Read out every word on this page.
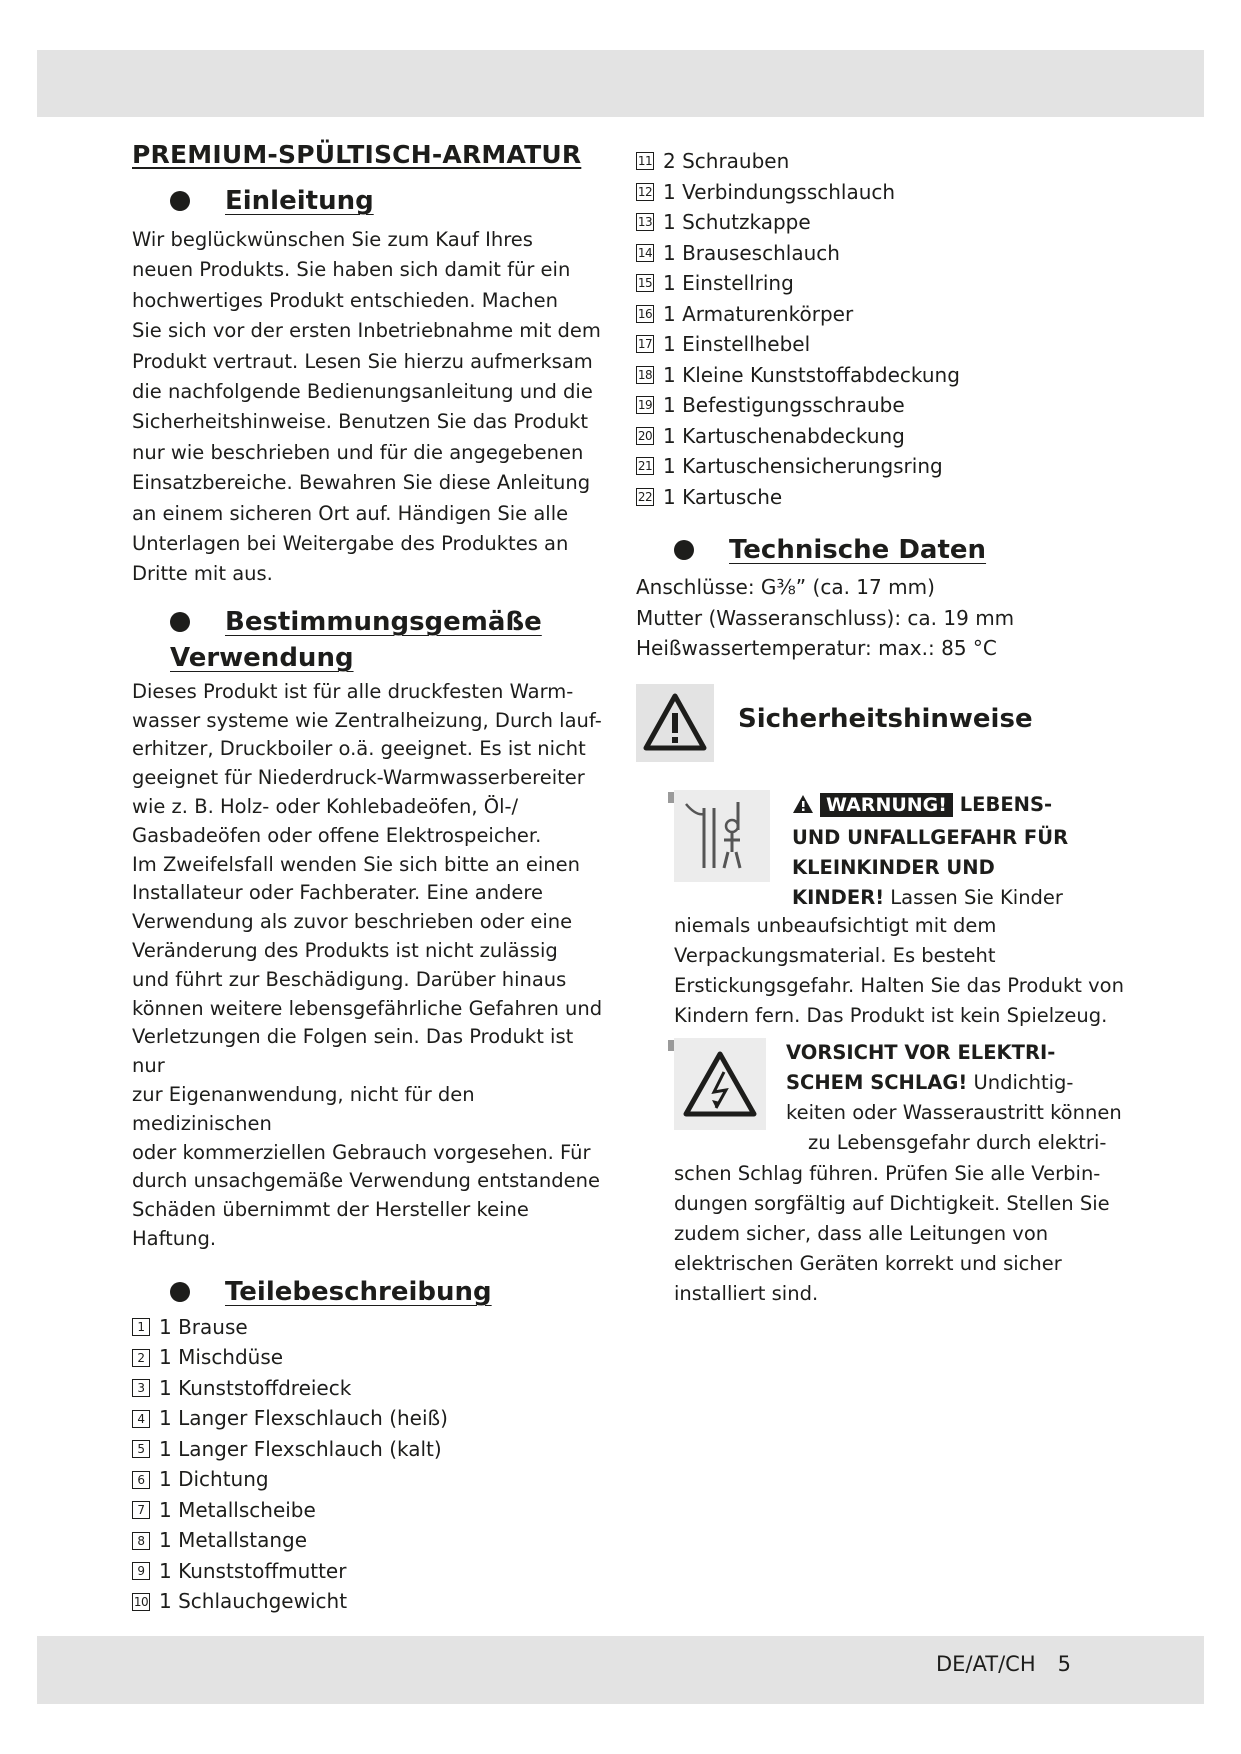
PREMIUM-SPÜLTISCH-ARMATUR
Einleitung

Wir beglückwünschen Sie zum Kauf Ihres

neuen Produkts. Sie haben sich damit für ein

hochwertiges Produkt entschieden. Machen

Sie sich vor der ersten Inbetriebnahme mit dem

Produkt vertraut. Lesen Sie hierzu aufmerksam

die nachfolgende Bedienungsanleitung und die

Sicherheitshinweise. Benutzen Sie das Produkt

nur wie beschrieben und für die angegebenen

Einsatzbereiche. Bewahren Sie diese Anleitung

an einem sicheren Ort auf. Händigen Sie alle

Unterlagen bei Weitergabe des Produktes an

Dritte mit aus.

Bestimmungsgemäße
Verwendung

Dieses Produkt ist für alle druckfesten Warm-

wasser systeme wie Zentralheizung, Durch lauf-

erhitzer, Druckboiler o.ä. geeignet. Es ist nicht

geeignet für Niederdruck-Warmwasserbereiter

wie z. B. Holz- oder Kohlebadeöfen, Öl-/

Gasbadeöfen oder offene Elektrospeicher.

Im Zweifelsfall wenden Sie sich bitte an einen

Installateur oder Fachberater. Eine andere

Verwendung als zuvor beschrieben oder eine

Veränderung des Produkts ist nicht zulässig

und führt zur Beschädigung. Darüber hinaus

können weitere lebensgefährliche Gefahren und

Verletzungen die Folgen sein. Das Produkt ist nur

zur Eigenanwendung, nicht für den medizinischen

oder kommerziellen Gebrauch vorgesehen. Für

durch unsachgemäße Verwendung entstandene

Schäden übernimmt der Hersteller keine Haftung.

Teilebeschreibung
1 1 Brause
2 1 Mischdüse
3 1 Kunststoffdreieck
4 1 Langer Flexschlauch (heiß)
5 1 Langer Flexschlauch (kalt)
6 1 Dichtung
7 1 Metallscheibe
8 1 Metallstange
9 1 Kunststoffmutter
10 1 Schlauchgewicht
11 2 Schrauben
12 1 Verbindungsschlauch
13 1 Schutzkappe
14 1 Brauseschlauch
15 1 Einstellring
16 1 Armaturenkörper
17 1 Einstellhebel
18 1 Kleine Kunststoffabdeckung
19 1 Befestigungsschraube
20 1 Kartuschenabdeckung
21 1 Kartuschensicherungsring
22 1 Kartusche
Technische Daten

Anschlüsse: G⅜” (ca. 17 mm)

Mutter (Wasseranschluss): ca. 19 mm

Heißwassertemperatur: max.: 85 °C

Sicherheitshinweise
WARNUNG! LEBENS-
UND UNFALLGEFAHR FÜR
KLEINKINDER UND
KINDER! Lassen Sie Kinder

niemals unbeaufsichtigt mit dem

Verpackungsmaterial. Es besteht

Erstickungsgefahr. Halten Sie das Produkt von

Kindern fern. Das Produkt ist kein Spielzeug.

VORSICHT VOR ELEKTRI-
SCHEM SCHLAG! Undichtig-

keiten oder Wasseraustritt können

zu Lebensgefahr durch elektri-

schen Schlag führen. Prüfen Sie alle Verbin-

dungen sorgfältig auf Dichtigkeit. Stellen Sie

zudem sicher, dass alle Leitungen von

elektrischen Geräten korrekt und sicher

installiert sind.

DE/AT/CH 5
